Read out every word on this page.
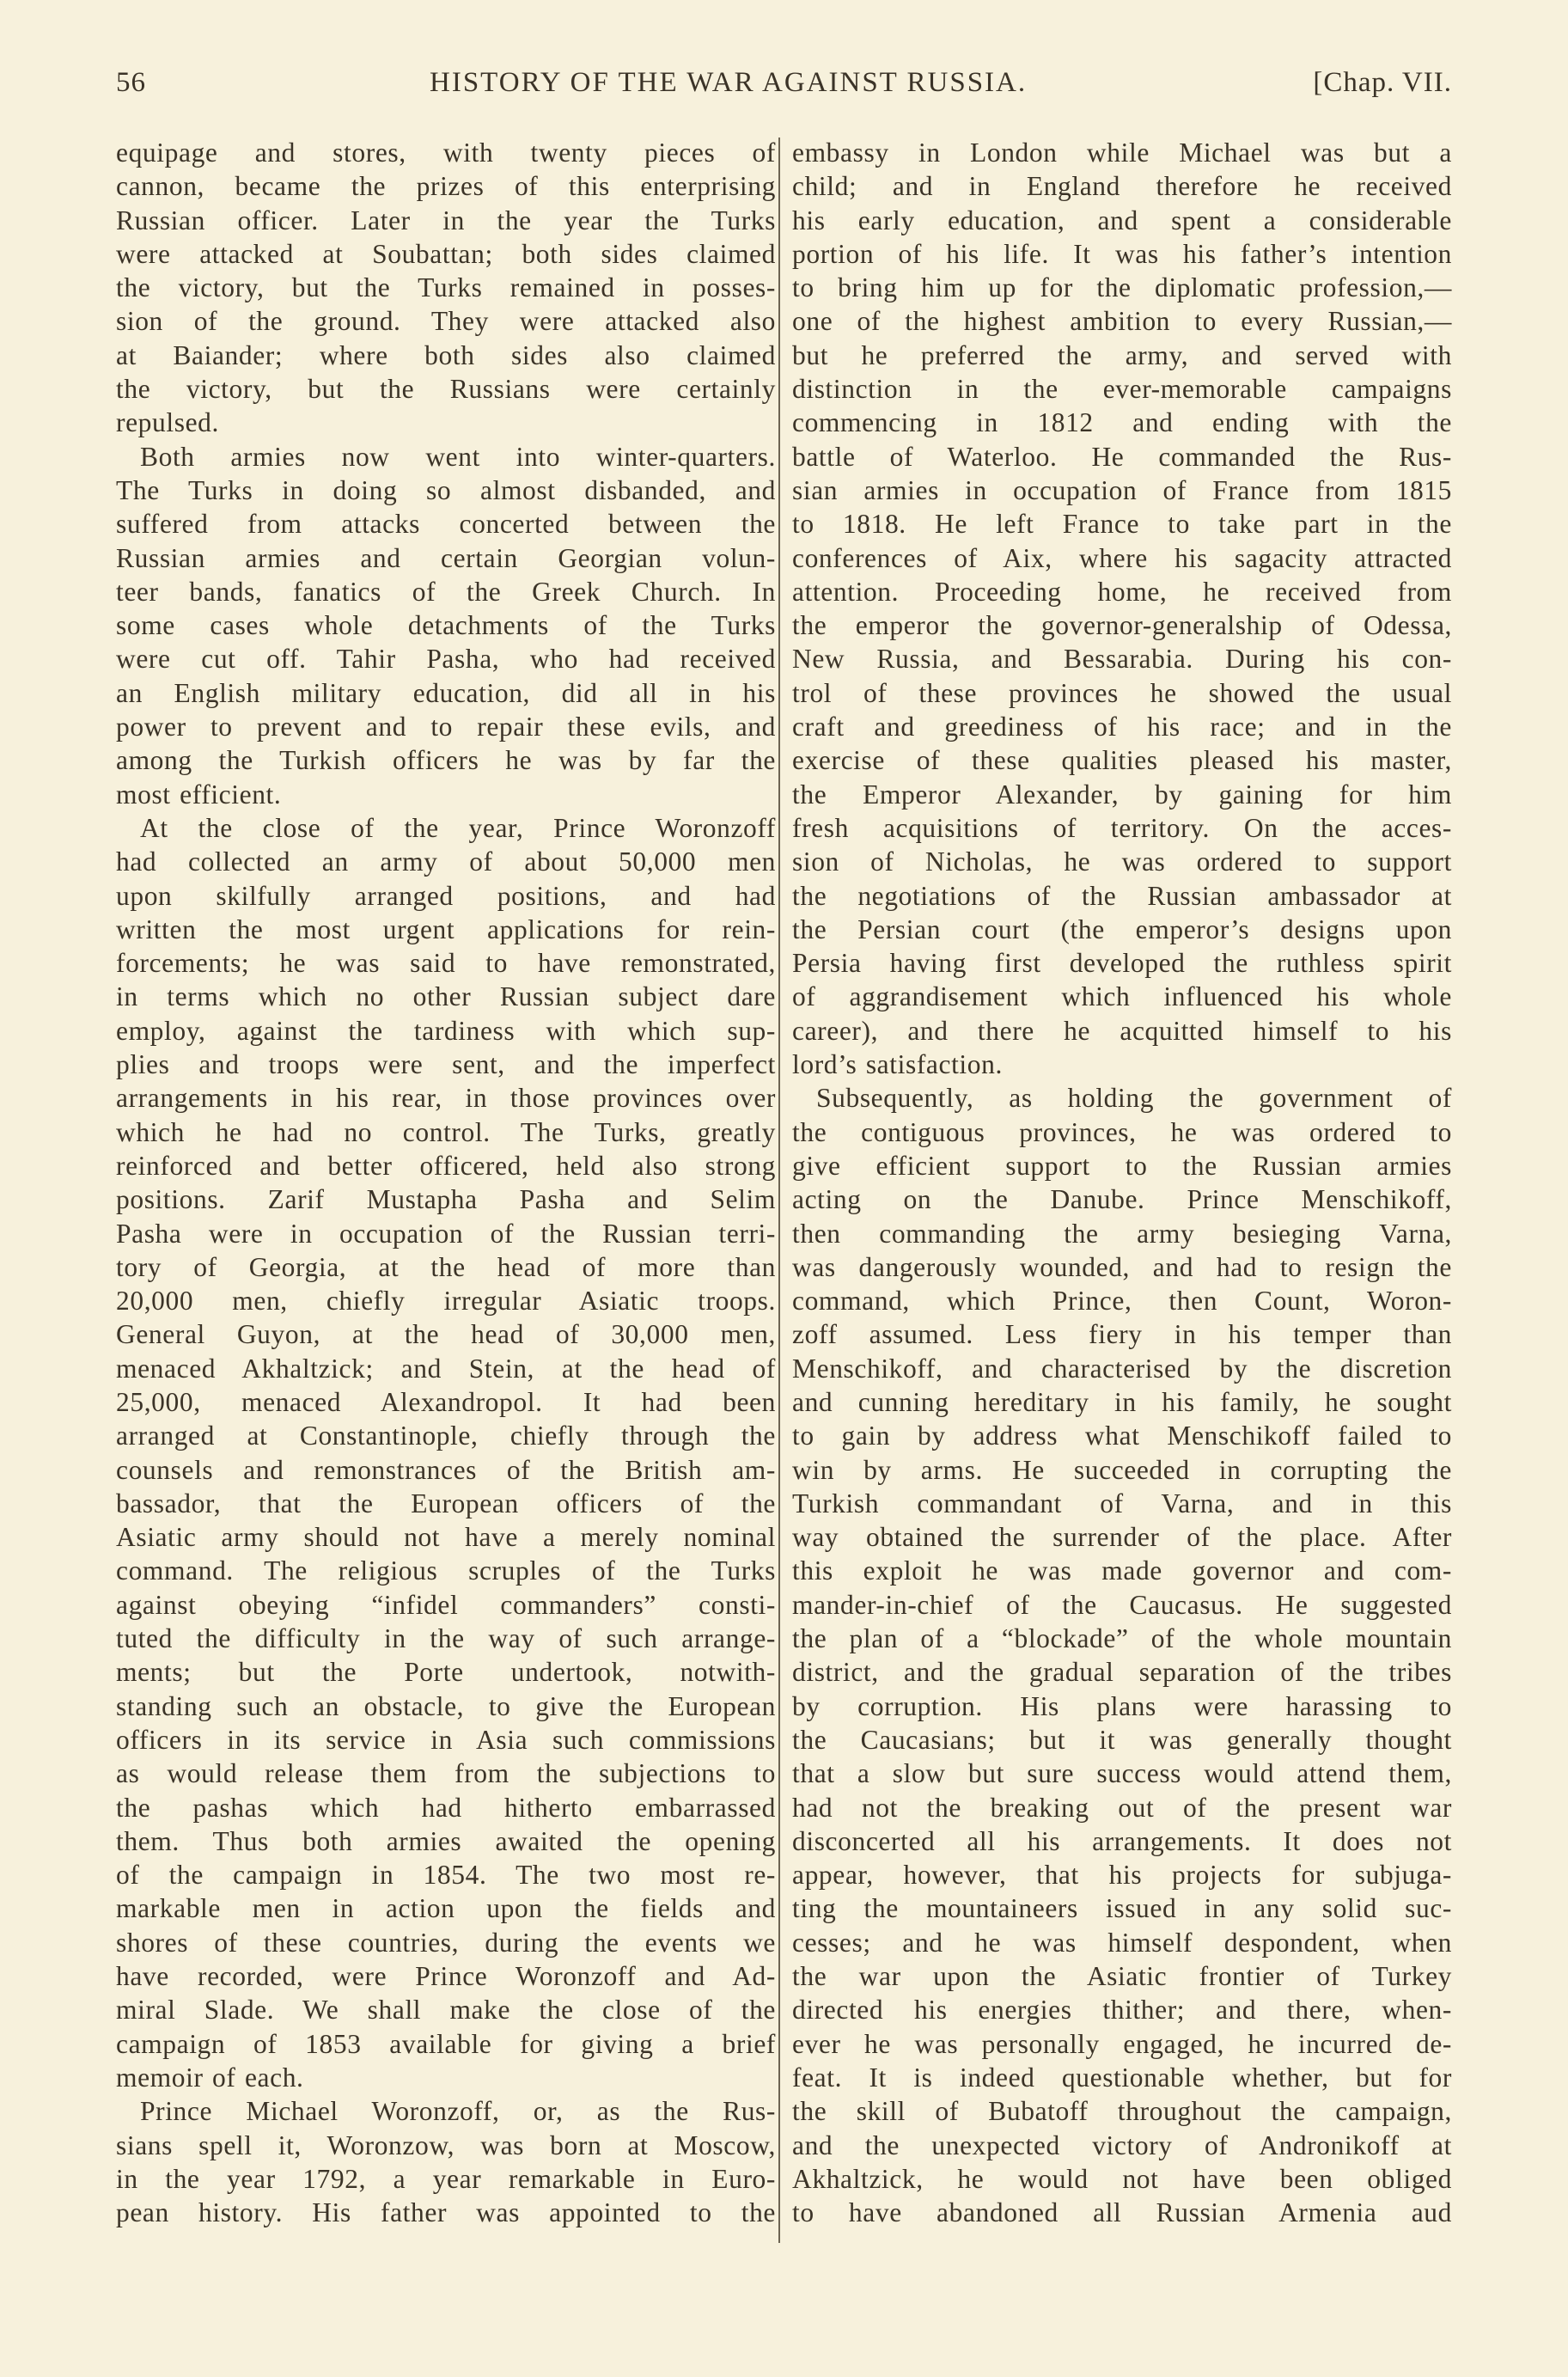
56	HISTORY OF THE WAR AGAINST RUSSIA.	[Chap. VII.
equipage and stores, with twenty pieces of
cannon, became the prizes of this enterprising
Russian officer. Later in the year the Turks
were attacked at Soubattan; both sides claimed
the victory, but the Turks remained in posses-
sion of the ground. They were attacked also
at Baiander; where both sides also claimed
the victory, but the Russians were certainly
repulsed.
Both armies now went into winter-quarters.
The Turks in doing so almost disbanded, and
suffered from attacks concerted between the
Russian armies and certain Georgian volun-
teer bands, fanatics of the Greek Church. In
some cases whole detachments of the Turks
were cut off. Tahir Pasha, who had received
an English military education, did all in his
power to prevent and to repair these evils, and
among the Turkish officers he was by far the
most efficient.
At the close of the year, Prince Woronzoff
had collected an army of about 50,000 men
upon skilfully arranged positions, and had
written the most urgent applications for rein-
forcements; he was said to have remonstrated,
in terms which no other Russian subject dare
employ, against the tardiness with which sup-
plies and troops were sent, and the imperfect
arrangements in his rear, in those provinces over
which he had no control. The Turks, greatly
reinforced and better officered, held also strong
positions. Zarif Mustapha Pasha and Selim
Pasha were in occupation of the Russian terri-
tory of Georgia, at the head of more than
20,000 men, chiefly irregular Asiatic troops.
General Guyon, at the head of 30,000 men,
menaced Akhaltzick; and Stein, at the head of
25,000, menaced Alexandropol. It had been
arranged at Constantinople, chiefly through the
counsels and remonstrances of the British am-
bassador, that the European officers of the
Asiatic army should not have a merely nominal
command. The religious scruples of the Turks
against obeying “infidel commanders” consti-
tuted the difficulty in the way of such arrange-
ments; but the Porte undertook, notwith-
standing such an obstacle, to give the European
officers in its service in Asia such commissions
as would release them from the subjections to
the pashas which had hitherto embarrassed
them. Thus both armies awaited the opening
of the campaign in 1854. The two most re-
markable men in action upon the fields and
shores of these countries, during the events we
have recorded, were Prince Woronzoff and Ad-
miral Slade. We shall make the close of the
campaign of 1853 available for giving a brief
memoir of each.
Prince Michael Woronzoff, or, as the Rus-
sians spell it, Woronzow, was born at Moscow,
in the year 1792, a year remarkable in Euro-
pean history. His father was appointed to the
embassy in London while Michael was but a
child; and in England therefore he received
his early education, and spent a considerable
portion of his life. It was his father’s intention
to bring him up for the diplomatic profession,—
one of the highest ambition to every Russian,—
but he preferred the army, and served with
distinction in the ever-memorable campaigns
commencing in 1812 and ending with the
battle of Waterloo. He commanded the Rus-
sian armies in occupation of France from 1815
to 1818. He left France to take part in the
conferences of Aix, where his sagacity attracted
attention. Proceeding home, he received from
the emperor the governor-generalship of Odessa,
New Russia, and Bessarabia. During his con-
trol of these provinces he showed the usual
craft and greediness of his race; and in the
exercise of these qualities pleased his master,
the Emperor Alexander, by gaining for him
fresh acquisitions of territory. On the acces-
sion of Nicholas, he was ordered to support
the negotiations of the Russian ambassador at
the Persian court (the emperor’s designs upon
Persia having first developed the ruthless spirit
of aggrandisement which influenced his whole
career), and there he acquitted himself to his
lord’s satisfaction.
Subsequently, as holding the government of
the contiguous provinces, he was ordered to
give efficient support to the Russian armies
acting on the Danube. Prince Menschikoff,
then commanding the army besieging Varna,
was dangerously wounded, and had to resign the
command, which Prince, then Count, Woron-
zoff assumed. Less fiery in his temper than
Menschikoff, and characterised by the discretion
and cunning hereditary in his family, he sought
to gain by address what Menschikoff failed to
win by arms. He succeeded in corrupting the
Turkish commandant of Varna, and in this
way obtained the surrender of the place. After
this exploit he was made governor and com-
mander-in-chief of the Caucasus. He suggested
the plan of a “blockade” of the whole mountain
district, and the gradual separation of the tribes
by corruption. His plans were harassing to
the Caucasians; but it was generally thought
that a slow but sure success would attend them,
had not the breaking out of the present war
disconcerted all his arrangements. It does not
appear, however, that his projects for subjuga-
ting the mountaineers issued in any solid suc-
cesses; and he was himself despondent, when
the war upon the Asiatic frontier of Turkey
directed his energies thither; and there, when-
ever he was personally engaged, he incurred de-
feat. It is indeed questionable whether, but for
the skill of Bubatoff throughout the campaign,
and the unexpected victory of Andronikoff at
Akhaltzick, he would not have been obliged
to have abandoned all Russian Armenia aud
